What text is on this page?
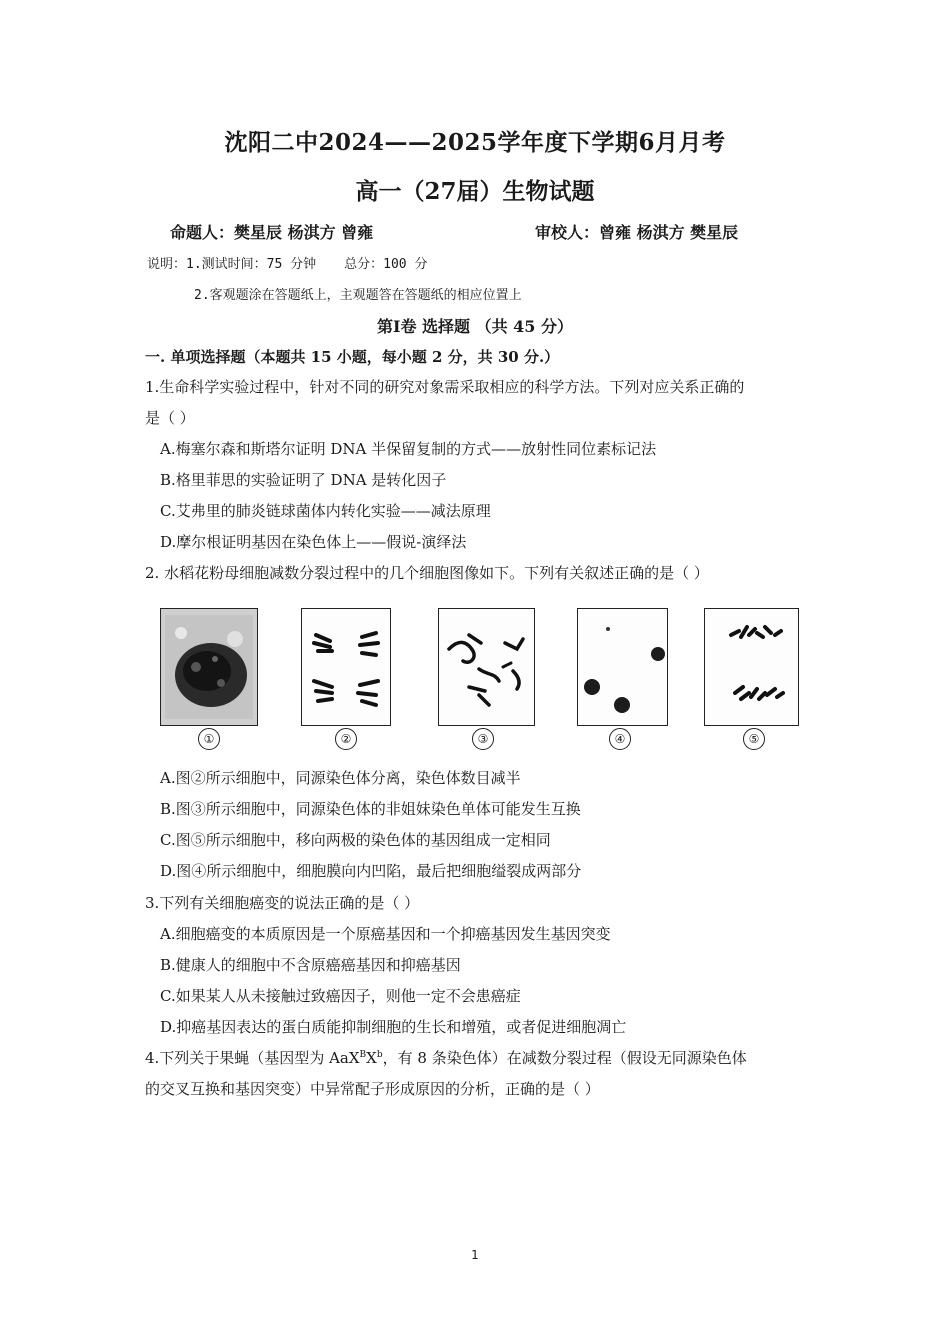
沈阳二中2024——2025学年度下学期6月月考
高一（27届）生物试题
命题人：樊星辰 杨淇方 曾雍	审校人：曾雍 杨淇方 樊星辰
说明：1.测试时间：75 分钟 总分：100 分
2.客观题涂在答题纸上，主观题答在答题纸的相应位置上
第Ⅰ卷 选择题 （共 45 分）
一. 单项选择题（本题共 15 小题，每小题 2 分，共 30 分.）
1.生命科学实验过程中，针对不同的研究对象需采取相应的科学方法。下列对应关系正确的
是（ ）
A.梅塞尔森和斯塔尔证明 DNA 半保留复制的方式——放射性同位素标记法
B.格里菲思的实验证明了 DNA 是转化因子
C.艾弗里的肺炎链球菌体内转化实验——减法原理
D.摩尔根证明基因在染色体上——假说-演绎法
2. 水稻花粉母细胞减数分裂过程中的几个细胞图像如下。下列有关叙述正确的是（ ）
①	②	③	④	⑤
A.图②所示细胞中，同源染色体分离，染色体数目减半
B.图③所示细胞中，同源染色体的非姐妹染色单体可能发生互换
C.图⑤所示细胞中，移向两极的染色体的基因组成一定相同
D.图④所示细胞中，细胞膜向内凹陷，最后把细胞缢裂成两部分
3.下列有关细胞癌变的说法正确的是（ ）
A.细胞癌变的本质原因是一个原癌基因和一个抑癌基因发生基因突变
B.健康人的细胞中不含原癌癌基因和抑癌基因
C.如果某人从未接触过致癌因子，则他一定不会患癌症
D.抑癌基因表达的蛋白质能抑制细胞的生长和增殖，或者促进细胞凋亡
4.下列关于果蝇（基因型为 $AaX^BX^b$，有 8 条染色体）在减数分裂过程（假设无同源染色体
的交叉互换和基因突变）中异常配子形成原因的分析，正确的是（ ）
1
